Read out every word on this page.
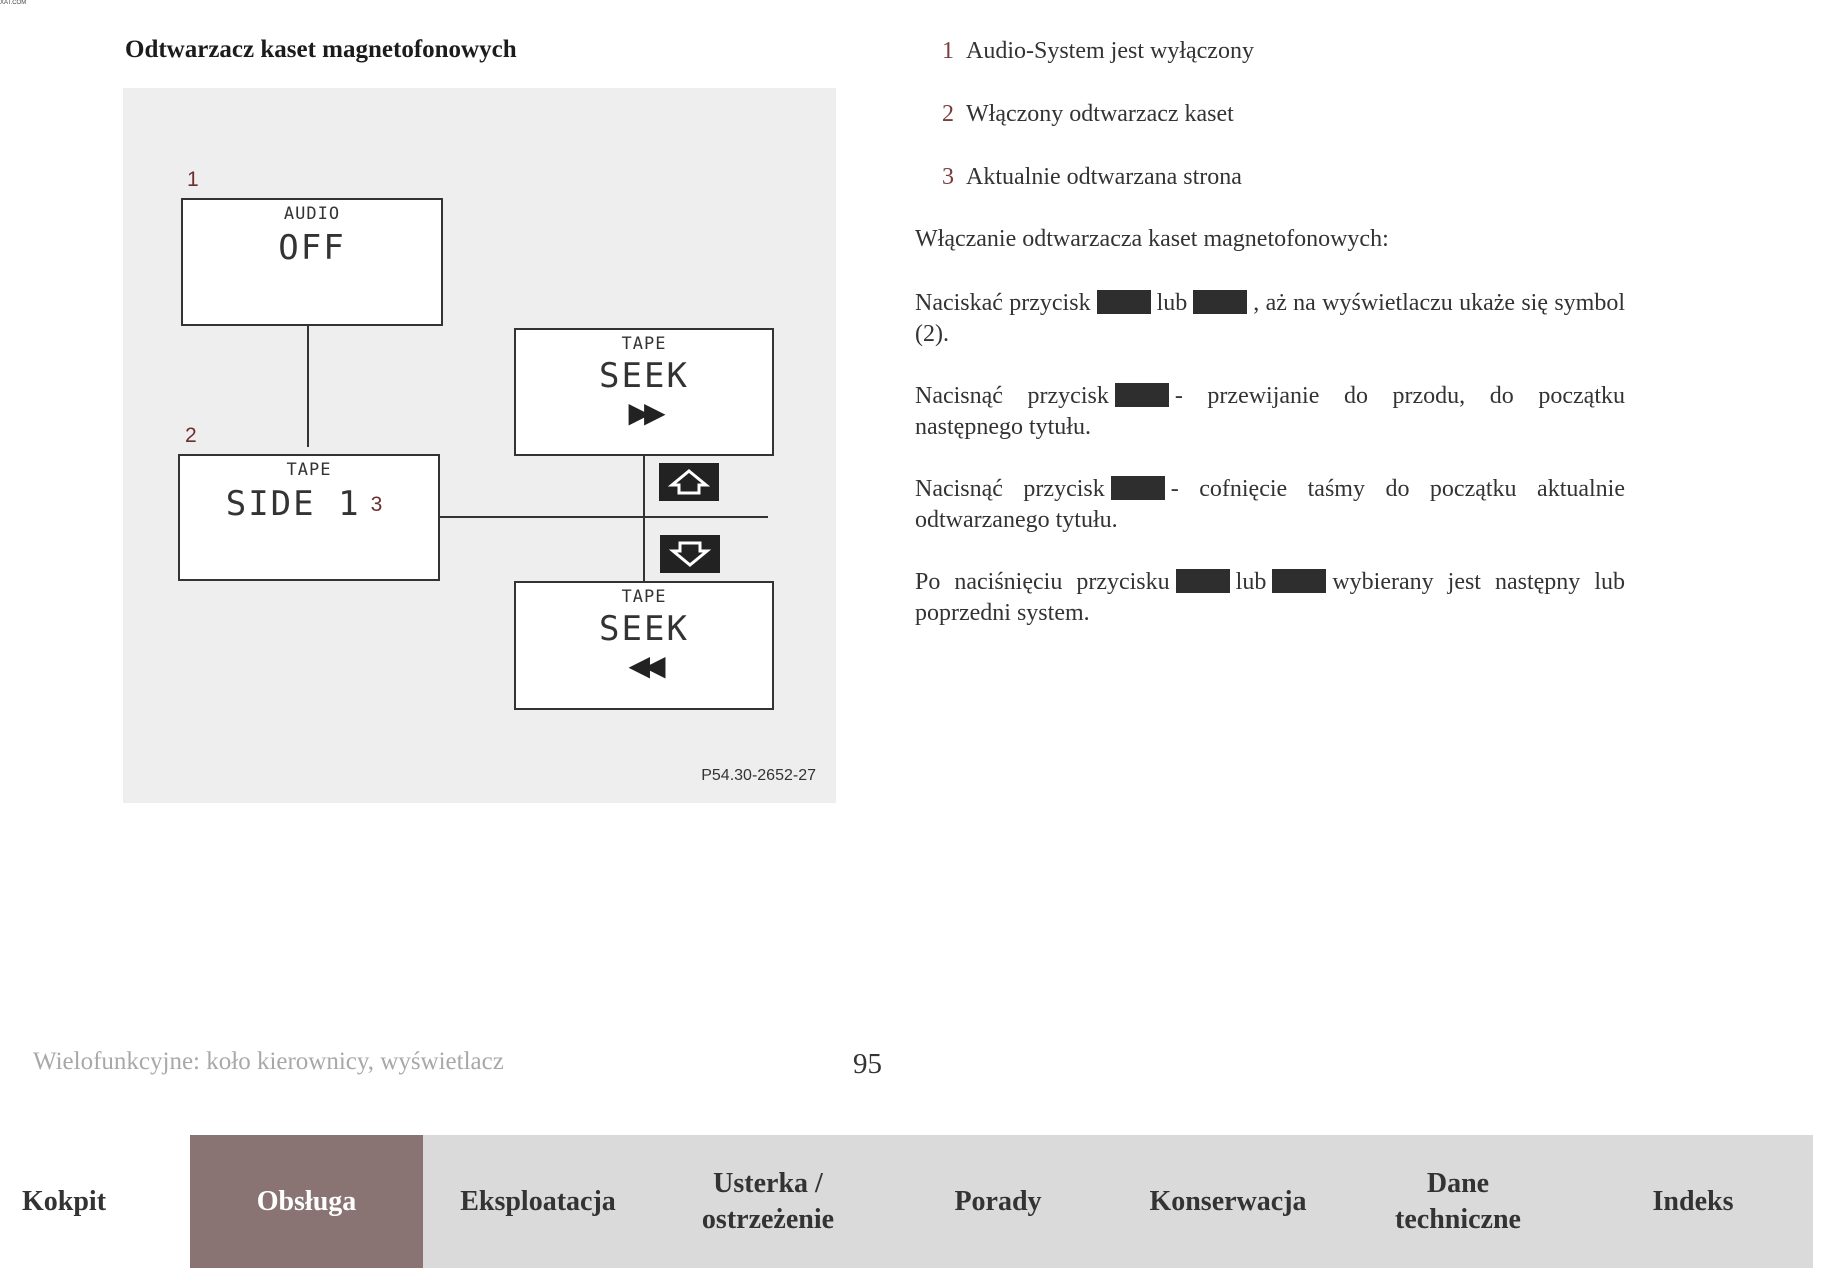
XAT.COM
Odtwarzacz kaset magnetofonowych
1
2
AUDIO
OFF
TAPE
SIDE 1 3
TAPE
SEEK
▶▶
TAPE
SEEK
◀◀
P54.30-2652-27
1 Audio-System jest wyłączony
2 Włączony odtwarzacz kaset
3 Aktualnie odtwarzana strona
Włączanie odtwarzacza kaset magnetofonowych:
Naciskać przycisk	lub	, aż na wyświetlaczu ukaże się symbol (2).
Nacisnąć przycisk	- przewijanie do przodu, do początku następnego tytułu.
Nacisnąć przycisk	- cofnięcie taśmy do początku aktualnie odtwarzanego tytułu.
Po naciśnięciu przycisku	lub	wybierany jest następny lub poprzedni system.
Wielofunkcyjne: koło kierownicy, wyświetlacz	95
Kokpit	Obsługa	Eksploatacja
Usterka / ostrzeżenie
Porady	Konserwacja
Dane techniczne
Indeks
